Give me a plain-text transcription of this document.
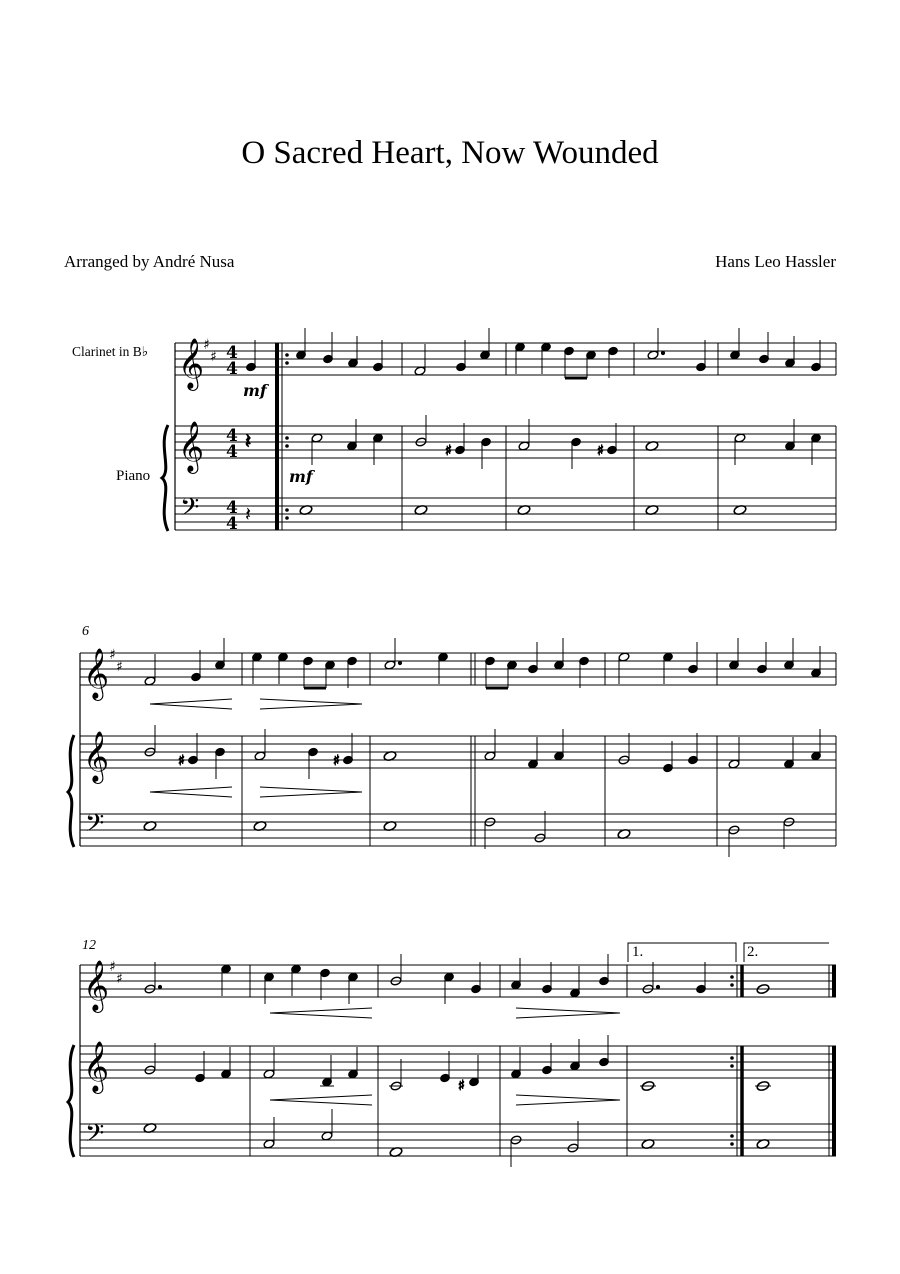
O Sacred Heart, Now Wounded
Arranged by André Nusa	Hans Leo Hassler
Clarinet in B♭
Piano
6
12	1.	2.
𝄞
𝄞
𝄢
♯
♯ 4
4
4
4
4
4
mf
mf
𝄽	♯	♯
𝄽
𝄞
𝄞
𝄢
♯
♯
♯	♯
𝄞
𝄞
𝄢
♯
♯
♯
